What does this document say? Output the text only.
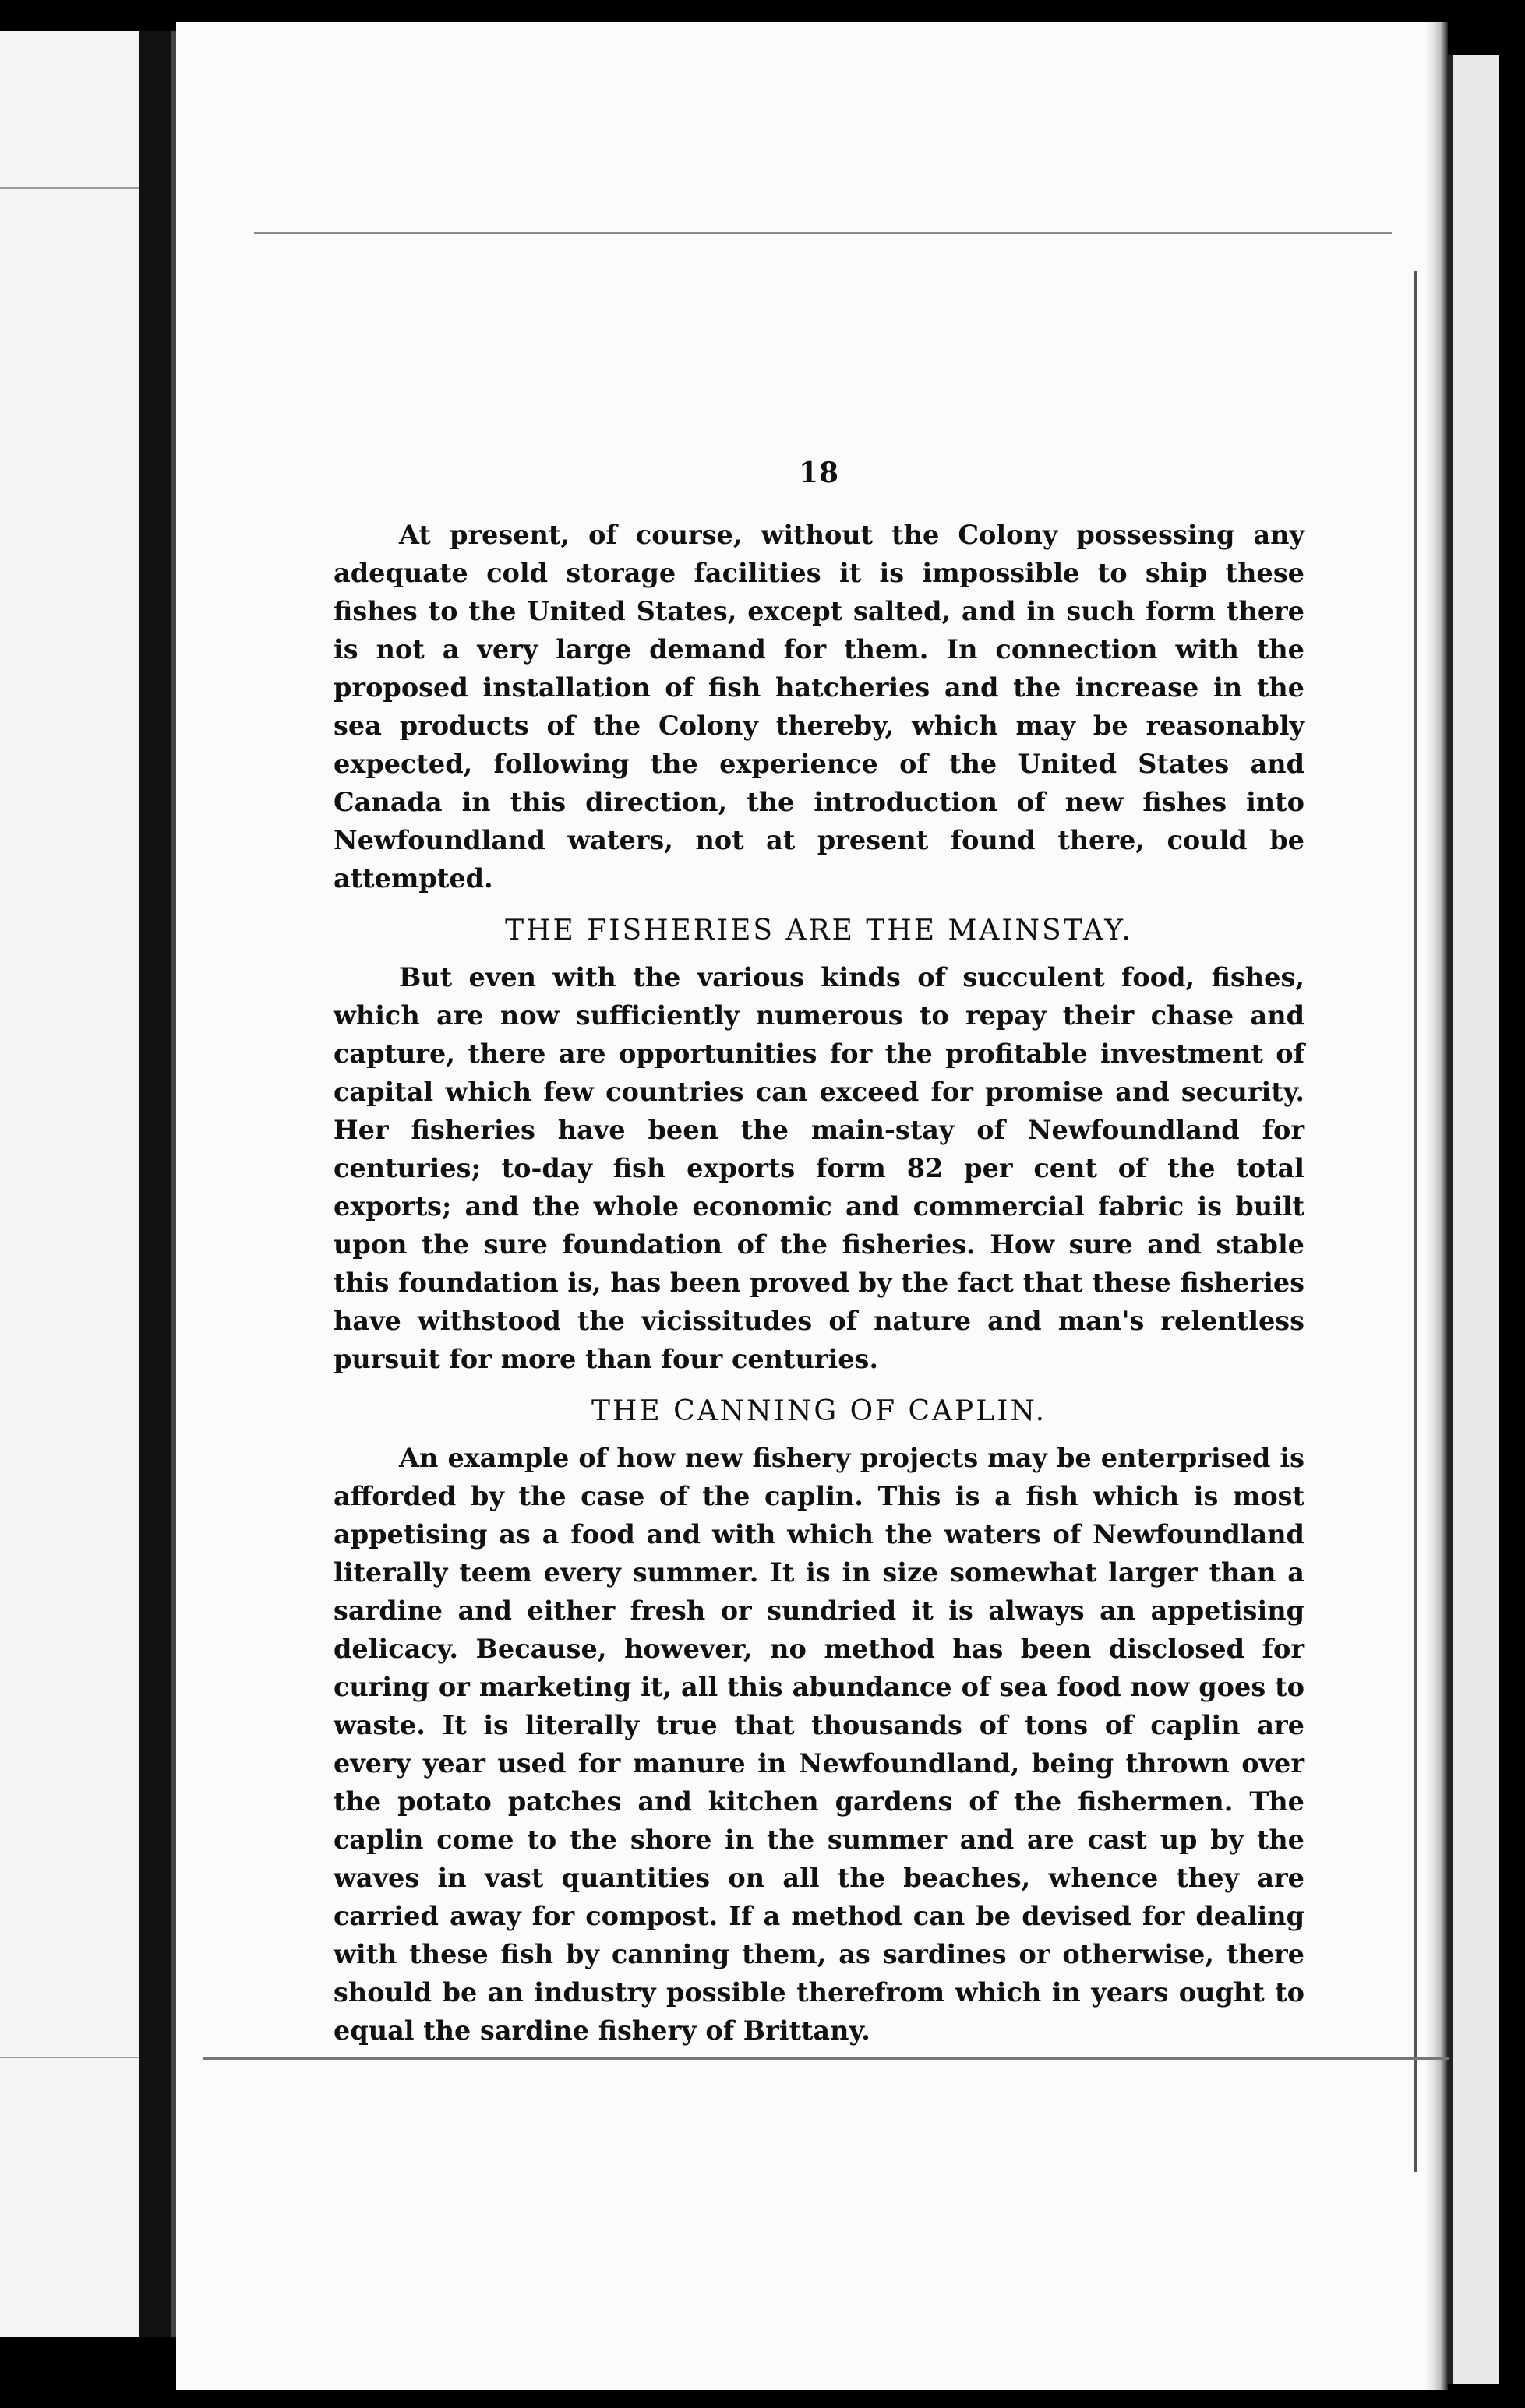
18

At present, of course, without the Colony possessing any adequate cold storage facilities it is impossible to ship these fishes to the United States, except salted, and in such form there is not a very large demand for them. In connection with the proposed installation of fish hatcheries and the increase in the sea products of the Colony thereby, which may be reasonably expected, following the experience of the United States and Canada in this direction, the introduction of new fishes into Newfoundland waters, not at present found there, could be attempted.

THE FISHERIES ARE THE MAINSTAY.

But even with the various kinds of succulent food, fishes, which are now sufficiently numerous to repay their chase and capture, there are opportunities for the profitable investment of capital which few countries can exceed for promise and security. Her fisheries have been the main-stay of Newfoundland for centuries; to-day fish exports form 82 per cent of the total exports; and the whole economic and commercial fabric is built upon the sure foundation of the fisheries. How sure and stable this foundation is, has been proved by the fact that these fisheries have withstood the vicissitudes of nature and man's relentless pursuit for more than four centuries.

THE CANNING OF CAPLIN.

An example of how new fishery projects may be enterprised is afforded by the case of the caplin. This is a fish which is most appetising as a food and with which the waters of Newfoundland literally teem every summer. It is in size somewhat larger than a sardine and either fresh or sundried it is always an appetising delicacy. Because, however, no method has been disclosed for curing or marketing it, all this abundance of sea food now goes to waste. It is literally true that thousands of tons of caplin are every year used for manure in Newfoundland, being thrown over the potato patches and kitchen gardens of the fishermen. The caplin come to the shore in the summer and are cast up by the waves in vast quantities on all the beaches, whence they are carried away for compost. If a method can be devised for dealing with these fish by canning them, as sardines or otherwise, there should be an industry possible therefrom which in years ought to equal the sardine fishery of Brittany.
